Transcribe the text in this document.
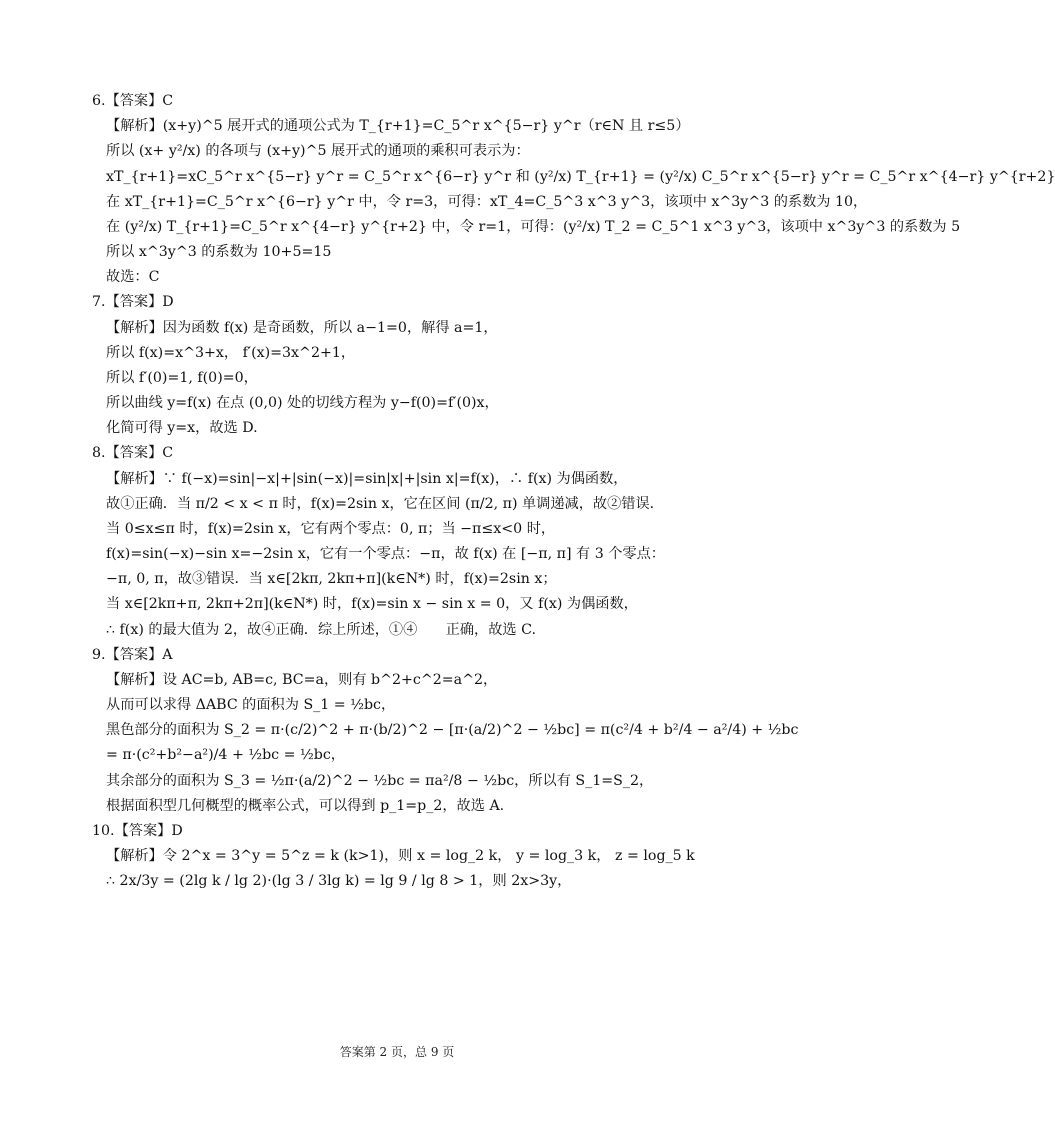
6.【答案】C

【解析】(x+y)^5 展开式的通项公式为 T_{r+1}=C_5^r x^{5−r} y^r（r∈N 且 r≤5）

所以 (x+ y²/x) 的各项与 (x+y)^5 展开式的通项的乘积可表示为：

xT_{r+1}=xC_5^r x^{5−r} y^r = C_5^r x^{6−r} y^r 和 (y²/x) T_{r+1} = (y²/x) C_5^r x^{5−r} y^r = C_5^r x^{4−r} y^{r+2}

在 xT_{r+1}=C_5^r x^{6−r} y^r 中，令 r=3，可得：xT_4=C_5^3 x^3 y^3，该项中 x^3y^3 的系数为 10，

在 (y²/x) T_{r+1}=C_5^r x^{4−r} y^{r+2} 中，令 r=1，可得：(y²/x) T_2 = C_5^1 x^3 y^3，该项中 x^3y^3 的系数为 5

所以 x^3y^3 的系数为 10+5=15

故选：C

7.【答案】D

【解析】因为函数 f(x) 是奇函数，所以 a−1=0，解得 a=1，

所以 f(x)=x^3+x， f′(x)=3x^2+1，

所以 f′(0)=1, f(0)=0，

所以曲线 y=f(x) 在点 (0,0) 处的切线方程为 y−f(0)=f′(0)x，

化简可得 y=x，故选 D.

8.【答案】C

【解析】∵ f(−x)=sin|−x|+|sin(−x)|=sin|x|+|sin x|=f(x)，∴ f(x) 为偶函数，

故①正确．当 π/2 < x < π 时，f(x)=2sin x，它在区间 (π/2, π) 单调递减，故②错误．

当 0≤x≤π 时，f(x)=2sin x，它有两个零点：0, π；当 −π≤x<0 时，

f(x)=sin(−x)−sin x=−2sin x，它有一个零点：−π，故 f(x) 在 [−π, π] 有 3 个零点：

−π, 0, π，故③错误．当 x∈[2kπ, 2kπ+π](k∈N*) 时，f(x)=2sin x；

当 x∈[2kπ+π, 2kπ+2π](k∈N*) 时，f(x)=sin x − sin x = 0，又 f(x) 为偶函数，

∴ f(x) 的最大值为 2，故④正确．综上所述，①④　　正确，故选 C.

9.【答案】A

【解析】设 AC=b, AB=c, BC=a，则有 b^2+c^2=a^2，

从而可以求得 ΔABC 的面积为 S_1 = ½bc，

黑色部分的面积为 S_2 = π·(c/2)^2 + π·(b/2)^2 − [π·(a/2)^2 − ½bc] = π(c²/4 + b²/4 − a²/4) + ½bc

= π·(c²+b²−a²)/4 + ½bc = ½bc，

其余部分的面积为 S_3 = ½π·(a/2)^2 − ½bc = πa²/8 − ½bc，所以有 S_1=S_2，

根据面积型几何概型的概率公式，可以得到 p_1=p_2，故选 A.

10.【答案】D

【解析】令 2^x = 3^y = 5^z = k (k>1)，则 x = log_2 k， y = log_3 k， z = log_5 k

∴ 2x/3y = (2lg k / lg 2)·(lg 3 / 3lg k) = lg 9 / lg 8 > 1，则 2x>3y，

答案第 2 页，总 9 页
